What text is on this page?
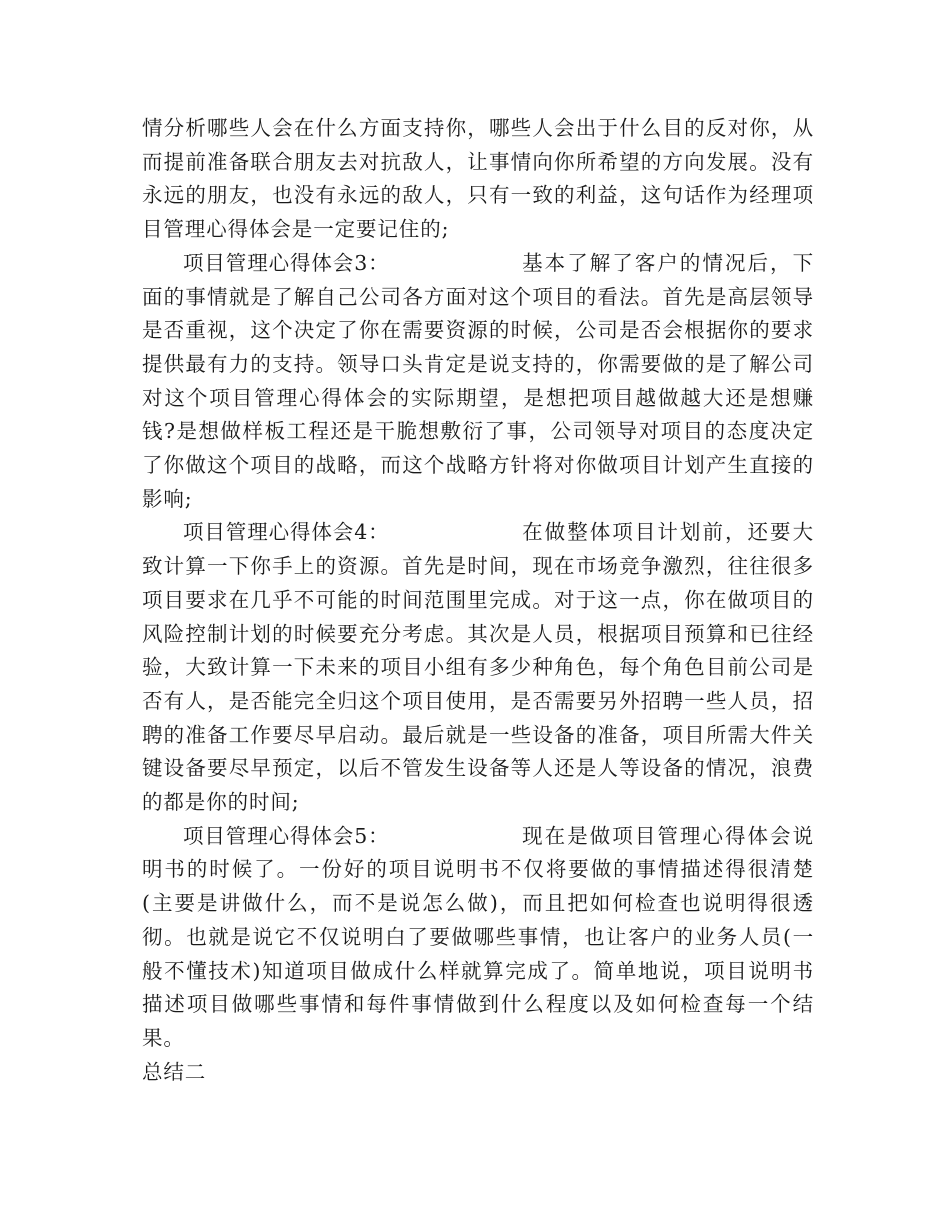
情分析哪些人会在什么方面支持你，哪些人会出于什么目的反对你，从而提前准备联合朋友去对抗敌人，让事情向你所希望的方向发展。没有永远的朋友，也没有永远的敌人，只有一致的利益，这句话作为经理项目管理心得体会是一定要记住的;

项目管理心得体会3：	基本了解了客户的情况后，下面的事情就是了解自己公司各方面对这个项目的看法。首先是高层领导是否重视，这个决定了你在需要资源的时候，公司是否会根据你的要求提供最有力的支持。领导口头肯定是说支持的，你需要做的是了解公司对这个项目管理心得体会的实际期望，是想把项目越做越大还是想赚钱?是想做样板工程还是干脆想敷衍了事，公司领导对项目的态度决定了你做这个项目的战略，而这个战略方针将对你做项目计划产生直接的影响;

项目管理心得体会4：	在做整体项目计划前，还要大致计算一下你手上的资源。首先是时间，现在市场竞争激烈，往往很多项目要求在几乎不可能的时间范围里完成。对于这一点，你在做项目的风险控制计划的时候要充分考虑。其次是人员，根据项目预算和已往经验，大致计算一下未来的项目小组有多少种角色，每个角色目前公司是否有人，是否能完全归这个项目使用，是否需要另外招聘一些人员，招聘的准备工作要尽早启动。最后就是一些设备的准备，项目所需大件关键设备要尽早预定，以后不管发生设备等人还是人等设备的情况，浪费的都是你的时间;

项目管理心得体会5：	现在是做项目管理心得体会说明书的时候了。一份好的项目说明书不仅将要做的事情描述得很清楚(主要是讲做什么，而不是说怎么做)，而且把如何检查也说明得很透彻。也就是说它不仅说明白了要做哪些事情，也让客户的业务人员(一般不懂技术)知道项目做成什么样就算完成了。简单地说，项目说明书描述项目做哪些事情和每件事情做到什么程度以及如何检查每一个结果。

总结二
